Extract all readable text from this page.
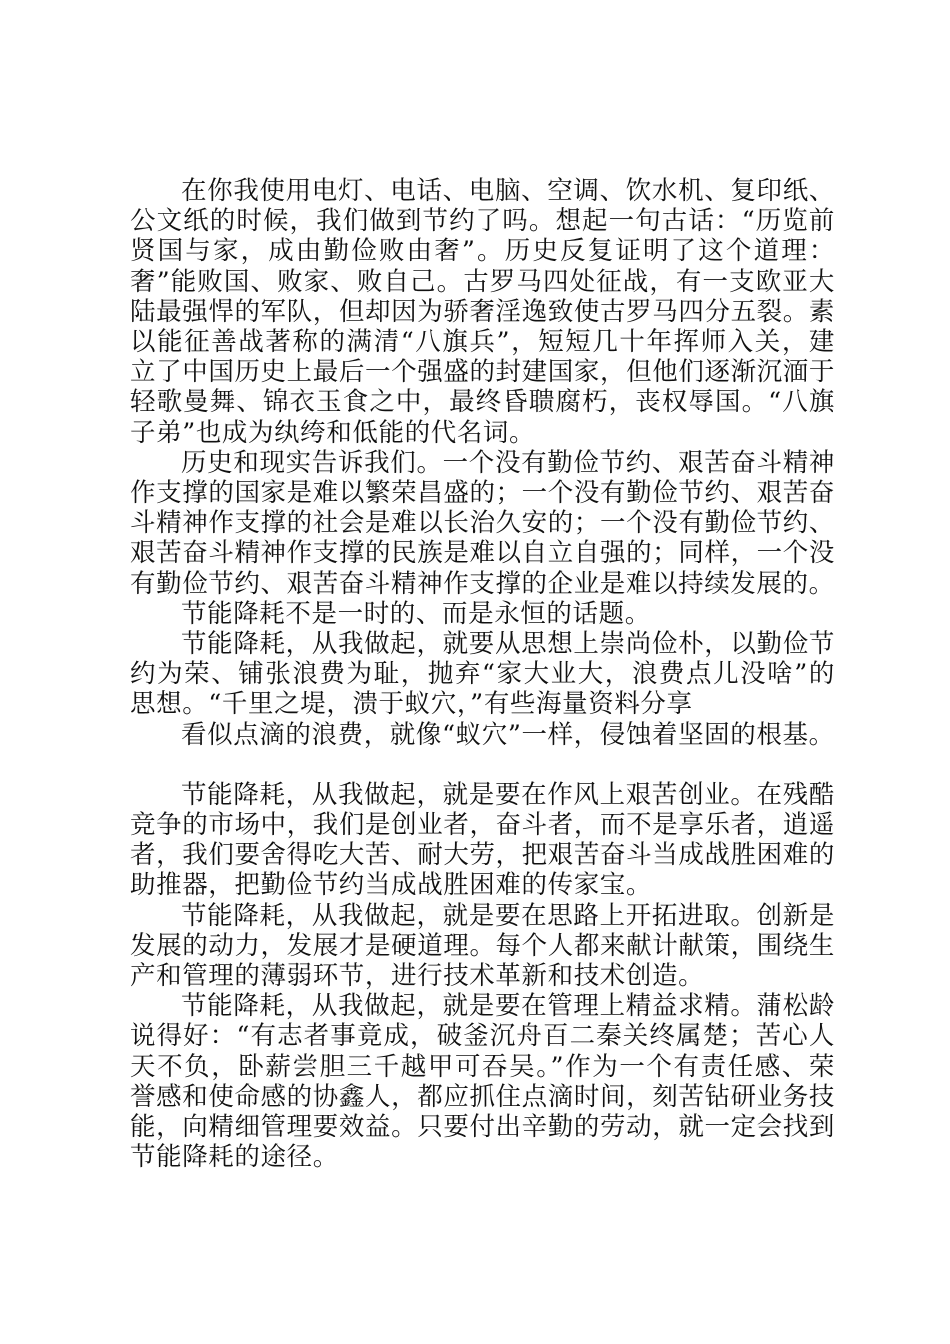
在你我使用电灯、电话、电脑、空调、饮水机、复印纸、公文纸的时候，我们做到节约了吗。想起一句古话：“历览前贤国与家，成由勤俭败由奢”。历史反复证明了这个道理：奢”能败国、败家、败自己。古罗马四处征战，有一支欧亚大陆最强悍的军队，但却因为骄奢淫逸致使古罗马四分五裂。素以能征善战著称的满清“八旗兵”，短短几十年挥师入关，建立了中国历史上最后一个强盛的封建国家，但他们逐渐沉湎于轻歌曼舞、锦衣玉食之中，最终昏聩腐朽，丧权辱国。“八旗子弟”也成为纨绔和低能的代名词。

历史和现实告诉我们。一个没有勤俭节约、艰苦奋斗精神作支撑的国家是难以繁荣昌盛的；一个没有勤俭节约、艰苦奋斗精神作支撑的社会是难以长治久安的；一个没有勤俭节约、艰苦奋斗精神作支撑的民族是难以自立自强的；同样，一个没有勤俭节约、艰苦奋斗精神作支撑的企业是难以持续发展的。

节能降耗不是一时的、而是永恒的话题。

节能降耗，从我做起，就要从思想上崇尚俭朴，以勤俭节约为荣、铺张浪费为耻，抛弃“家大业大，浪费点儿没啥”的思想。“千里之堤，溃于蚁穴，”有些海量资料分享

看似点滴的浪费，就像“蚁穴”一样，侵蚀着坚固的根基。

节能降耗，从我做起，就是要在作风上艰苦创业。在残酷竞争的市场中，我们是创业者，奋斗者，而不是享乐者，逍遥者，我们要舍得吃大苦、耐大劳，把艰苦奋斗当成战胜困难的助推器，把勤俭节约当成战胜困难的传家宝。

节能降耗，从我做起，就是要在思路上开拓进取。创新是发展的动力，发展才是硬道理。每个人都来献计献策，围绕生产和管理的薄弱环节，进行技术革新和技术创造。

节能降耗，从我做起，就是要在管理上精益求精。蒲松龄说得好：“有志者事竟成，破釜沉舟百二秦关终属楚；苦心人天不负，卧薪尝胆三千越甲可吞吴。”作为一个有责任感、荣誉感和使命感的协鑫人，都应抓住点滴时间，刻苦钻研业务技能，向精细管理要效益。只要付出辛勤的劳动，就一定会找到节能降耗的途径。
